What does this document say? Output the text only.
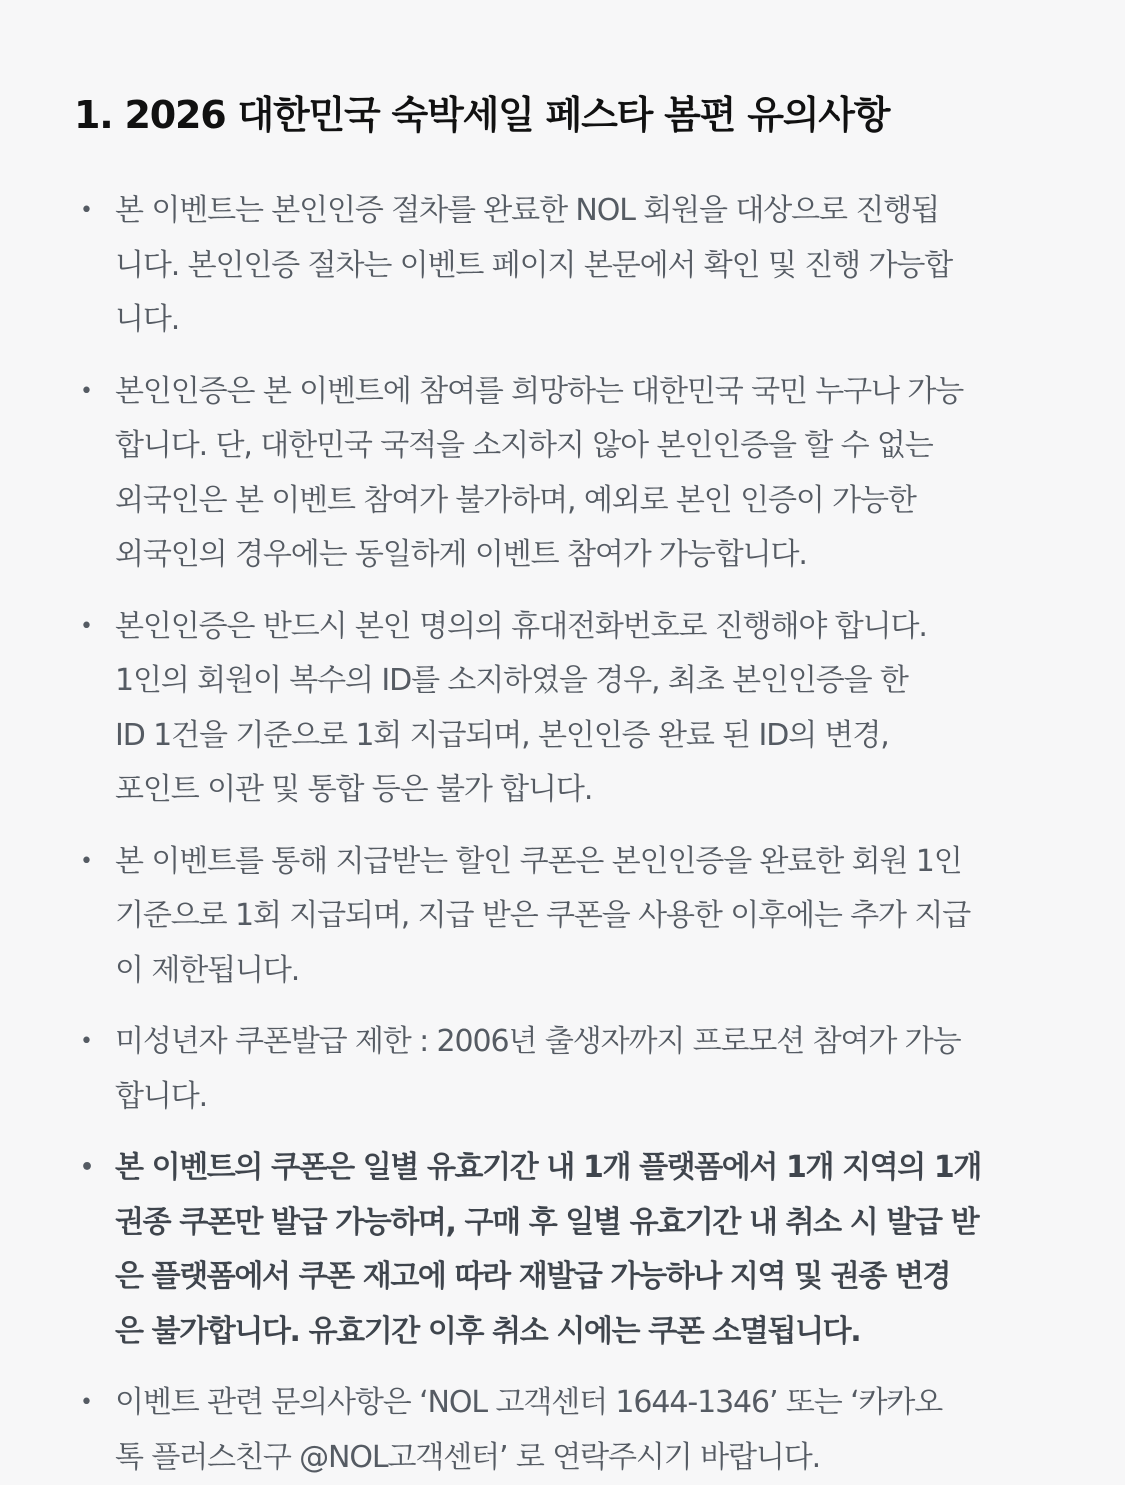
1. 2026 대한민국 숙박세일 페스타 봄편 유의사항
• 본 이벤트는 본인인증 절차를 완료한 NOL 회원을 대상으로 진행됩
니다. 본인인증 절차는 이벤트 페이지 본문에서 확인 및 진행 가능합
니다.
• 본인인증은 본 이벤트에 참여를 희망하는 대한민국 국민 누구나 가능
합니다. 단, 대한민국 국적을 소지하지 않아 본인인증을 할 수 없는
외국인은 본 이벤트 참여가 불가하며, 예외로 본인 인증이 가능한
외국인의 경우에는 동일하게 이벤트 참여가 가능합니다.
• 본인인증은 반드시 본인 명의의 휴대전화번호로 진행해야 합니다.
1인의 회원이 복수의 ID를 소지하였을 경우, 최초 본인인증을 한
ID 1건을 기준으로 1회 지급되며, 본인인증 완료 된 ID의 변경,
포인트 이관 및 통합 등은 불가 합니다.
• 본 이벤트를 통해 지급받는 할인 쿠폰은 본인인증을 완료한 회원 1인
기준으로 1회 지급되며, 지급 받은 쿠폰을 사용한 이후에는 추가 지급
이 제한됩니다.
• 미성년자 쿠폰발급 제한 : 2006년 출생자까지 프로모션 참여가 가능
합니다.
• 본 이벤트의 쿠폰은 일별 유효기간 내 1개 플랫폼에서 1개 지역의 1개
권종 쿠폰만 발급 가능하며, 구매 후 일별 유효기간 내 취소 시 발급 받
은 플랫폼에서 쿠폰 재고에 따라 재발급 가능하나 지역 및 권종 변경
은 불가합니다. 유효기간 이후 취소 시에는 쿠폰 소멸됩니다.
• 이벤트 관련 문의사항은 ‘NOL 고객센터 1644-1346’ 또는 ‘카카오
톡 플러스친구 @NOL고객센터’ 로 연락주시기 바랍니다.
